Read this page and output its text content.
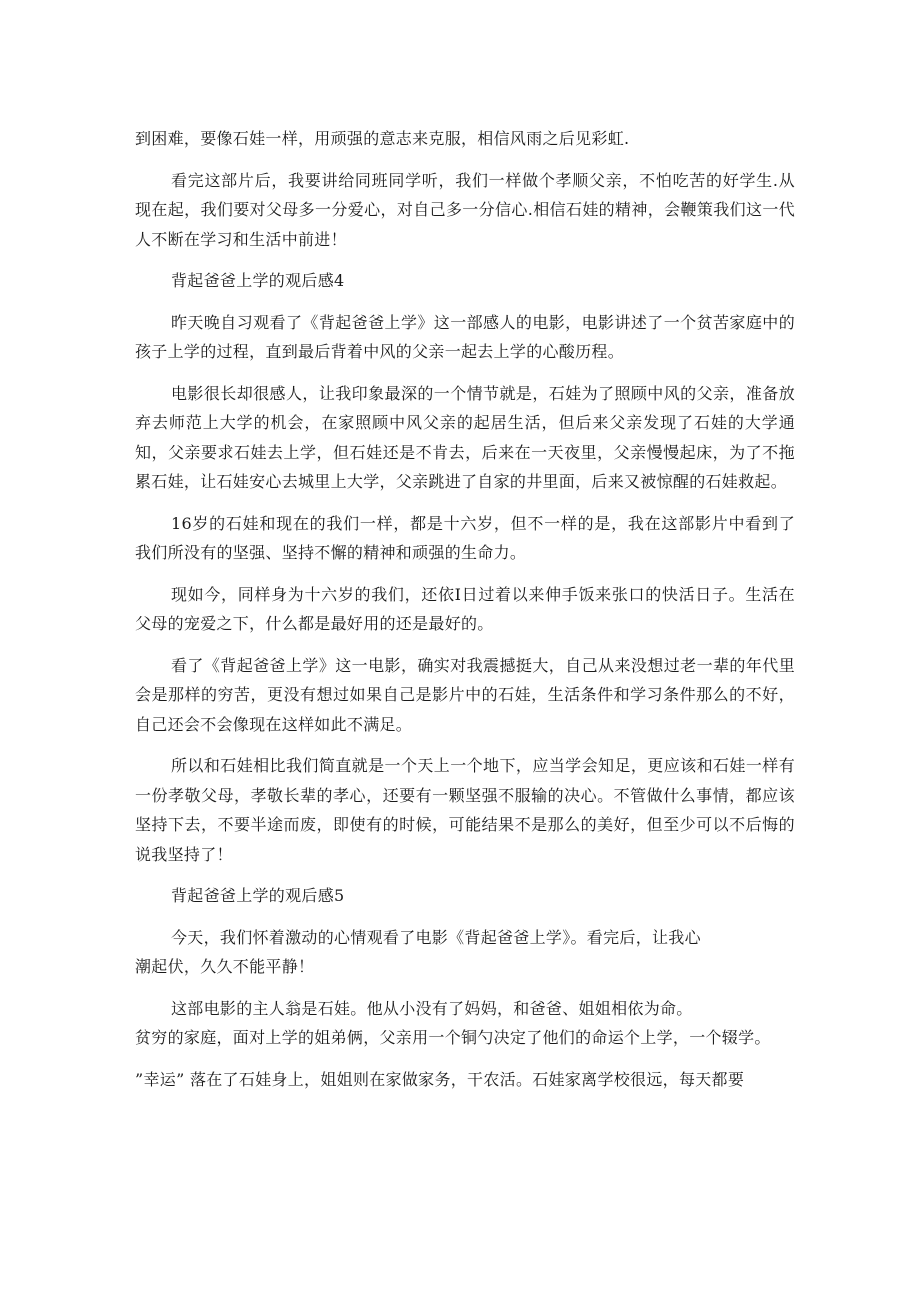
到困难，要像石娃一样，用顽强的意志来克服，相信风雨之后见彩虹.

看完这部片后，我要讲给同班同学听，我们一样做个孝顺父亲，不怕吃苦的好学生.从现在起，我们要对父母多一分爱心，对自己多一分信心.相信石娃的精神，会鞭策我们这一代人不断在学习和生活中前进！

背起爸爸上学的观后感4

昨天晚自习观看了《背起爸爸上学》这一部感人的电影，电影讲述了一个贫苦家庭中的孩子上学的过程，直到最后背着中风的父亲一起去上学的心酸历程。

电影很长却很感人，让我印象最深的一个情节就是，石娃为了照顾中风的父亲，准备放弃去师范上大学的机会，在家照顾中风父亲的起居生活，但后来父亲发现了石娃的大学通知，父亲要求石娃去上学，但石娃还是不肯去，后来在一天夜里，父亲慢慢起床，为了不拖累石娃，让石娃安心去城里上大学，父亲跳进了自家的井里面，后来又被惊醒的石娃救起。

16岁的石娃和现在的我们一样，都是十六岁，但不一样的是，我在这部影片中看到了我们所没有的坚强、坚持不懈的精神和顽强的生命力。

现如今，同样身为十六岁的我们，还依I日过着以来伸手饭来张口的快活日子。生活在父母的宠爱之下，什么都是最好用的还是最好的。

看了《背起爸爸上学》这一电影，确实对我震撼挺大，自己从来没想过老一辈的年代里会是那样的穷苦，更没有想过如果自己是影片中的石娃，生活条件和学习条件那么的不好，自己还会不会像现在这样如此不满足。

所以和石娃相比我们简直就是一个天上一个地下，应当学会知足，更应该和石娃一样有一份孝敬父母，孝敬长辈的孝心，还要有一颗坚强不服输的决心。不管做什么事情，都应该坚持下去，不要半途而废，即使有的时候，可能结果不是那么的美好，但至少可以不后悔的说我坚持了！

背起爸爸上学的观后感5

今天，我们怀着激动的心情观看了电影《背起爸爸上学》。看完后，让我心

潮起伏，久久不能平静！

这部电影的主人翁是石娃。他从小没有了妈妈，和爸爸、姐姐相依为命。

贫穷的家庭，面对上学的姐弟俩，父亲用一个铜勺决定了他们的命运个上学，一个辍学。

”幸运” 落在了石娃身上，姐姐则在家做家务，干农活。石娃家离学校很远，每天都要
